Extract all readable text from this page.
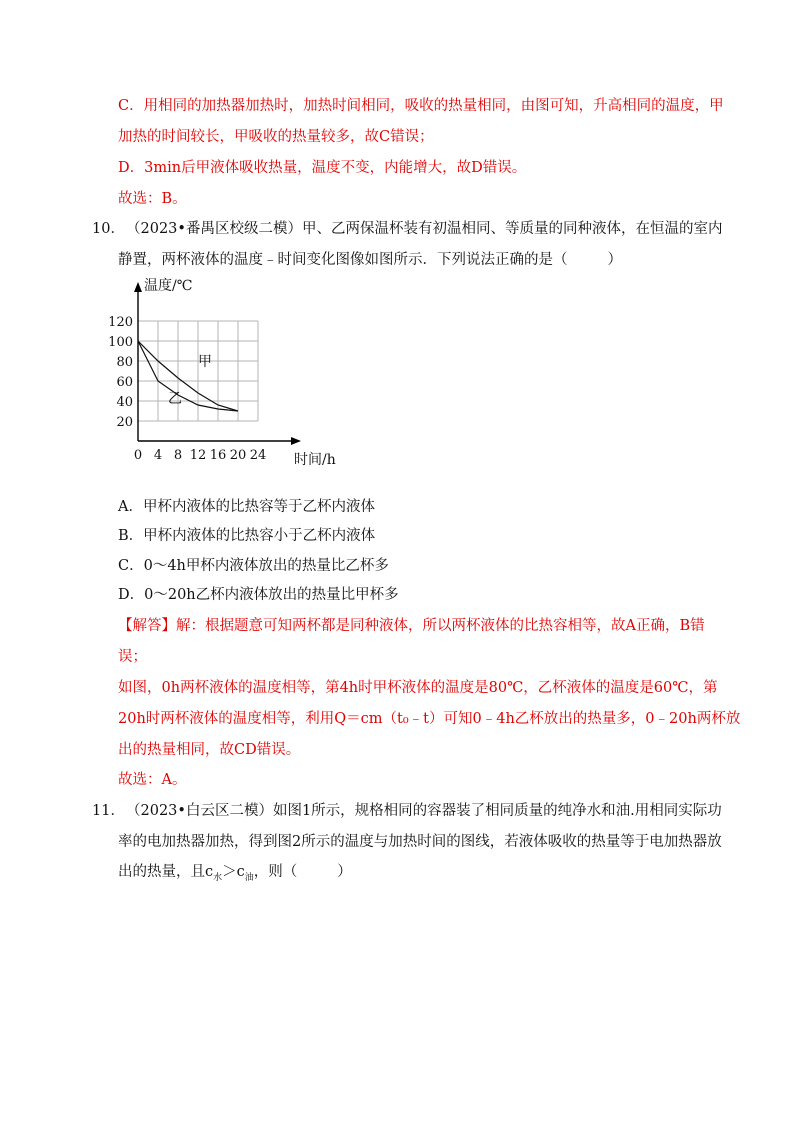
C．用相同的加热器加热时，加热时间相同，吸收的热量相同，由图可知，升高相同的温度，甲
加热的时间较长，甲吸收的热量较多，故C错误；
D．3min后甲液体吸收热量，温度不变，内能增大，故D错误。
故选：B。
10． （2023•番禺区校级二模）甲、乙两保温杯装有初温相同、等质量的同种液体，在恒温的室内
静置，两杯液体的温度﹣时间变化图像如图所示．下列说法正确的是（	）
0 4 8 12 16 20 24
20
40
60
80
100
120
甲
乙
温度/℃
时间/h
A．甲杯内液体的比热容等于乙杯内液体
B．甲杯内液体的比热容小于乙杯内液体
C．0～4h甲杯内液体放出的热量比乙杯多
D．0～20h乙杯内液体放出的热量比甲杯多
【解答】解：根据题意可知两杯都是同种液体，所以两杯液体的比热容相等，故A正确，B错
误；
如图，0h两杯液体的温度相等，第4h时甲杯液体的温度是80℃，乙杯液体的温度是60℃，第
20h时两杯液体的温度相等，利用Q＝cm（t₀﹣t）可知0﹣4h乙杯放出的热量多，0﹣20h两杯放
出的热量相同，故CD错误。
故选：A。
11． （2023•白云区二模）如图1所示，规格相同的容器装了相同质量的纯净水和油.用相同实际功
率的电加热器加热，得到图2所示的温度与加热时间的图线，若液体吸收的热量等于电加热器放
出的热量，且$c_水>c_油$，则（	）
